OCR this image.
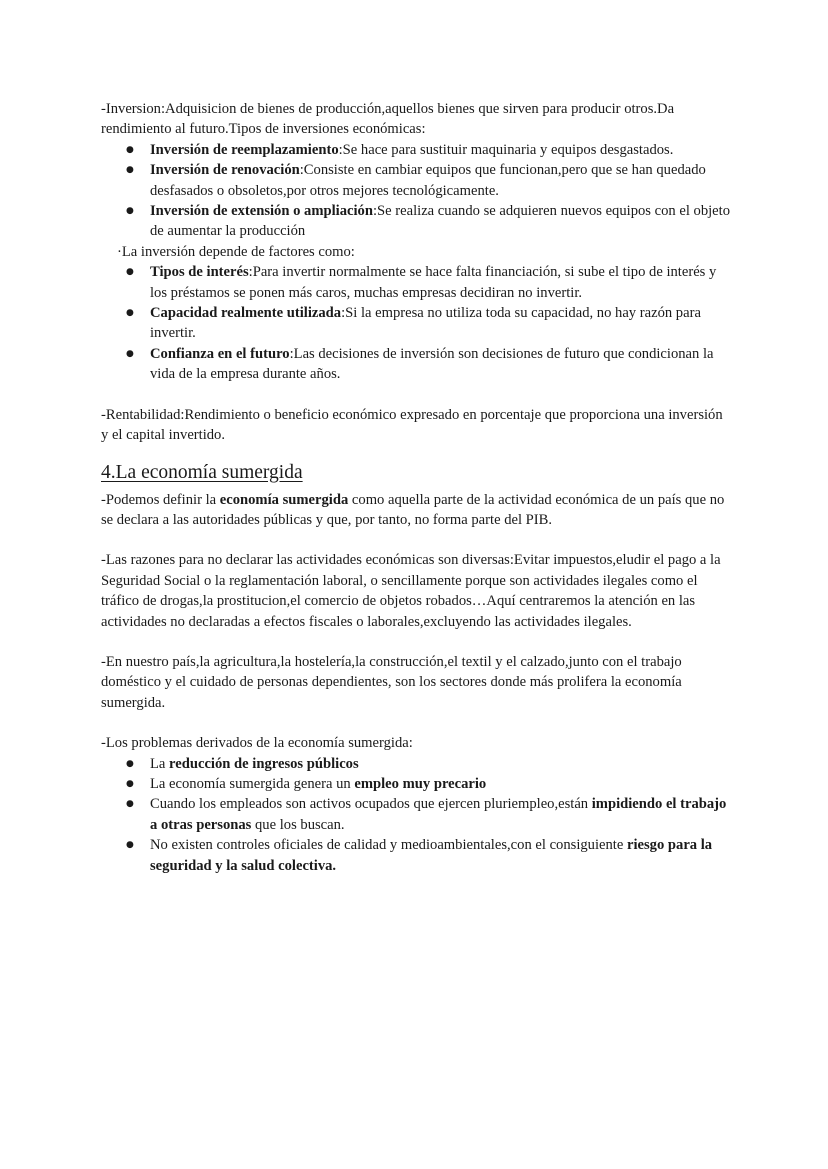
-Inversion:Adquisicion de bienes de producción,aquellos bienes que sirven para producir otros.Da rendimiento al futuro.Tipos de inversiones económicas:

● Inversión de reemplazamiento:Se hace para sustituir maquinaria y equipos desgastados.
● Inversión de renovación:Consiste en cambiar equipos que funcionan,pero que se han quedado desfasados o obsoletos,por otros mejores tecnológicamente.
● Inversión de extensión o ampliación:Se realiza cuando se adquieren nuevos equipos con el objeto de aumentar la producción

·La inversión depende de factores como:

● Tipos de interés:Para invertir normalmente se hace falta financiación, si sube el tipo de interés y los préstamos se ponen más caros, muchas empresas decidiran no invertir.
● Capacidad realmente utilizada:Si la empresa no utiliza toda su capacidad, no hay razón para invertir.
● Confianza en el futuro:Las decisiones de inversión son decisiones de futuro que condicionan la vida de la empresa durante años.

-Rentabilidad:Rendimiento o beneficio económico expresado en porcentaje que proporciona una inversión y el capital invertido.

4.La economía sumergida

-Podemos definir la economía sumergida como aquella parte de la actividad económica de un país que no se declara a las autoridades públicas y que, por tanto, no forma parte del PIB.

-Las razones para no declarar las actividades económicas son diversas:Evitar impuestos,eludir el pago a la Seguridad Social o la reglamentación laboral, o sencillamente porque son actividades ilegales como el tráfico de drogas,la prostitucion,el comercio de objetos robados…Aquí centraremos la atención en las actividades no declaradas a efectos fiscales o laborales,excluyendo las actividades ilegales.

-En nuestro país,la agricultura,la hostelería,la construcción,el textil y el calzado,junto con el trabajo doméstico y el cuidado de personas dependientes, son los sectores donde más prolifera la economía sumergida.

-Los problemas derivados de la economía sumergida:

● La reducción de ingresos públicos
● La economía sumergida genera un empleo muy precario
● Cuando los empleados son activos ocupados que ejercen pluriempleo,están impidiendo el trabajo a otras personas que los buscan.
● No existen controles oficiales de calidad y medioambientales,con el consiguiente riesgo para la seguridad y la salud colectiva.
